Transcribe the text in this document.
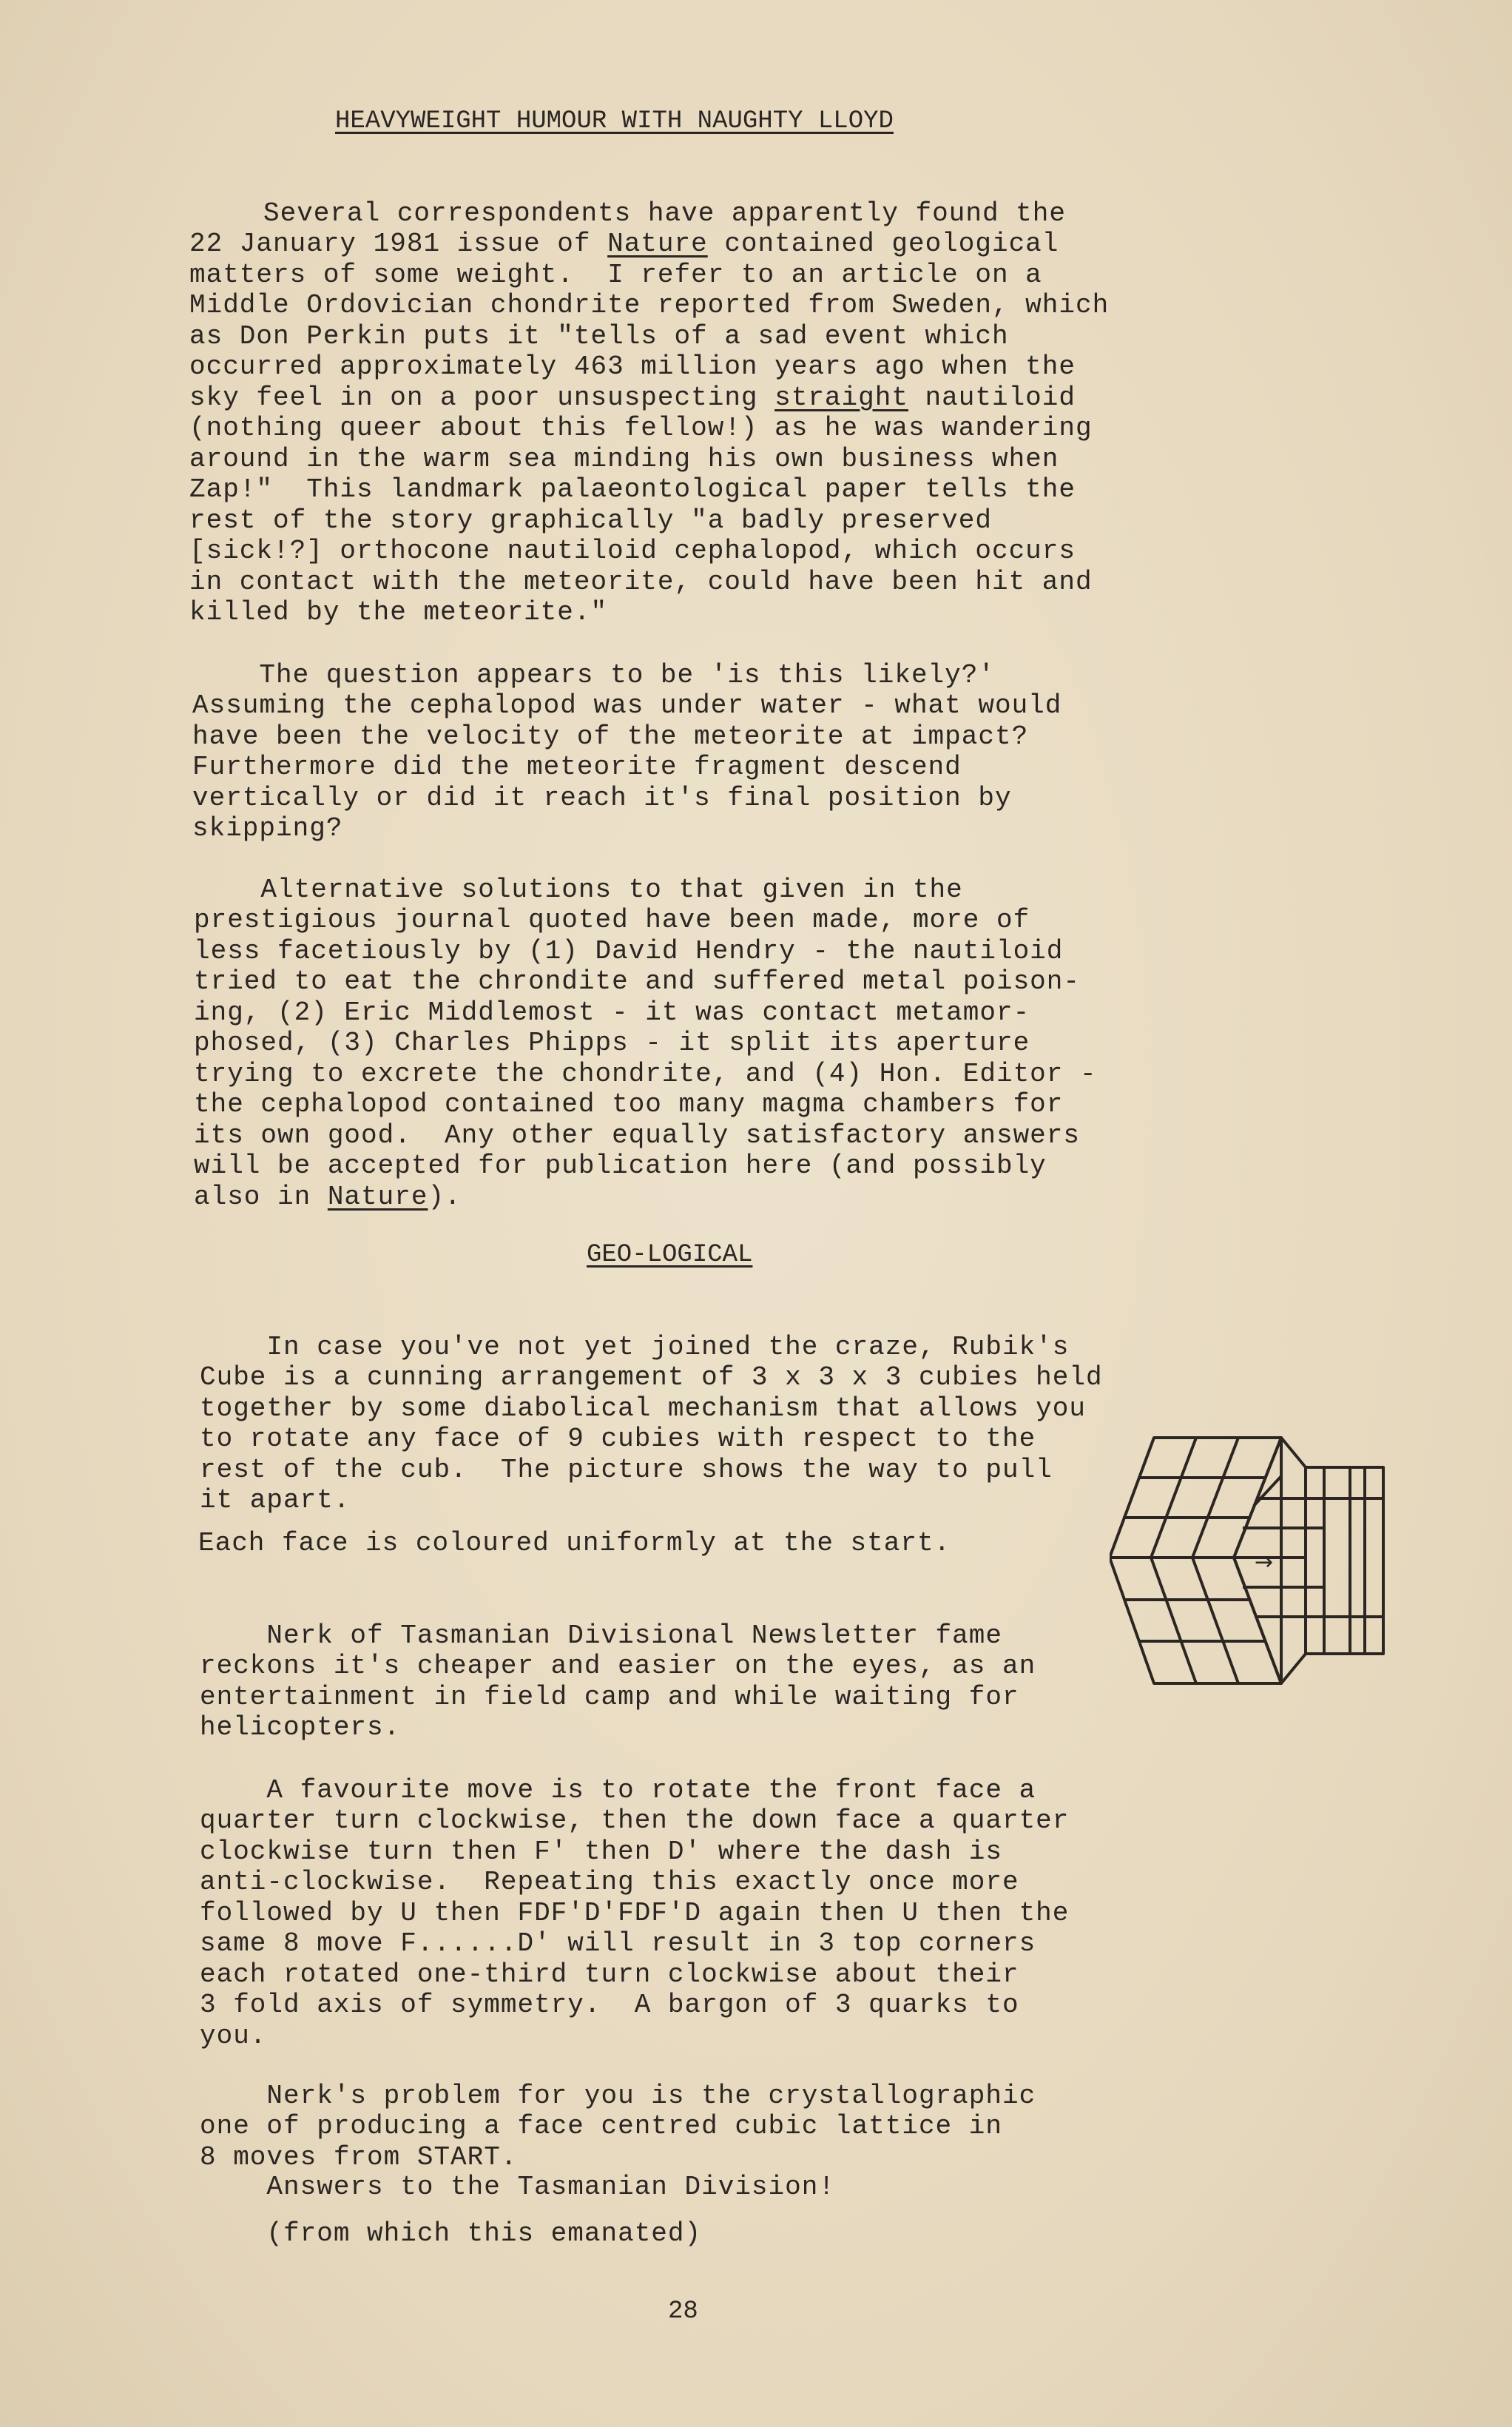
HEAVYWEIGHT HUMOUR WITH NAUGHTY LLOYD

Several correspondents have apparently found the
22 January 1981 issue of Nature contained geological
matters of some weight.  I refer to an article on a
Middle Ordovician chondrite reported from Sweden, which
as Don Perkin puts it "tells of a sad event which
occurred approximately 463 million years ago when the
sky feel in on a poor unsuspecting straight nautiloid
(nothing queer about this fellow!) as he was wandering
around in the warm sea minding his own business when
Zap!"  This landmark palaeontological paper tells the
rest of the story graphically "a badly preserved
[sick!?] orthocone nautiloid cephalopod, which occurs
in contact with the meteorite, could have been hit and
killed by the meteorite."

The question appears to be 'is this likely?'
Assuming the cephalopod was under water - what would
have been the velocity of the meteorite at impact?
Furthermore did the meteorite fragment descend
vertically or did it reach it's final position by
skipping?

Alternative solutions to that given in the
prestigious journal quoted have been made, more of
less facetiously by (1) David Hendry - the nautiloid
tried to eat the chrondite and suffered metal poison-
ing, (2) Eric Middlemost - it was contact metamor-
phosed, (3) Charles Phipps - it split its aperture
trying to excrete the chondrite, and (4) Hon. Editor -
the cephalopod contained too many magma chambers for
its own good.  Any other equally satisfactory answers
will be accepted for publication here (and possibly
also in Nature).
GEO-LOGICAL

In case you've not yet joined the craze, Rubik's
Cube is a cunning arrangement of 3 x 3 x 3 cubies held
together by some diabolical mechanism that allows you
to rotate any face of 9 cubies with respect to the
rest of the cub.  The picture shows the way to pull
it apart.
Each face is coloured uniformly at the start.

Nerk of Tasmanian Divisional Newsletter fame
reckons it's cheaper and easier on the eyes, as an
entertainment in field camp and while waiting for
helicopters.

A favourite move is to rotate the front face a
quarter turn clockwise, then the down face a quarter
clockwise turn then F' then D' where the dash is
anti-clockwise.  Repeating this exactly once more
followed by U then FDF'D'FDF'D again then U then the
same 8 move F......D' will result in 3 top corners
each rotated one-third turn clockwise about their
3 fold axis of symmetry.  A bargon of 3 quarks to
you.

Nerk's problem for you is the crystallographic
one of producing a face centred cubic lattice in
8 moves from START.
Answers to the Tasmanian Division!
(from which this emanated)
→
28
